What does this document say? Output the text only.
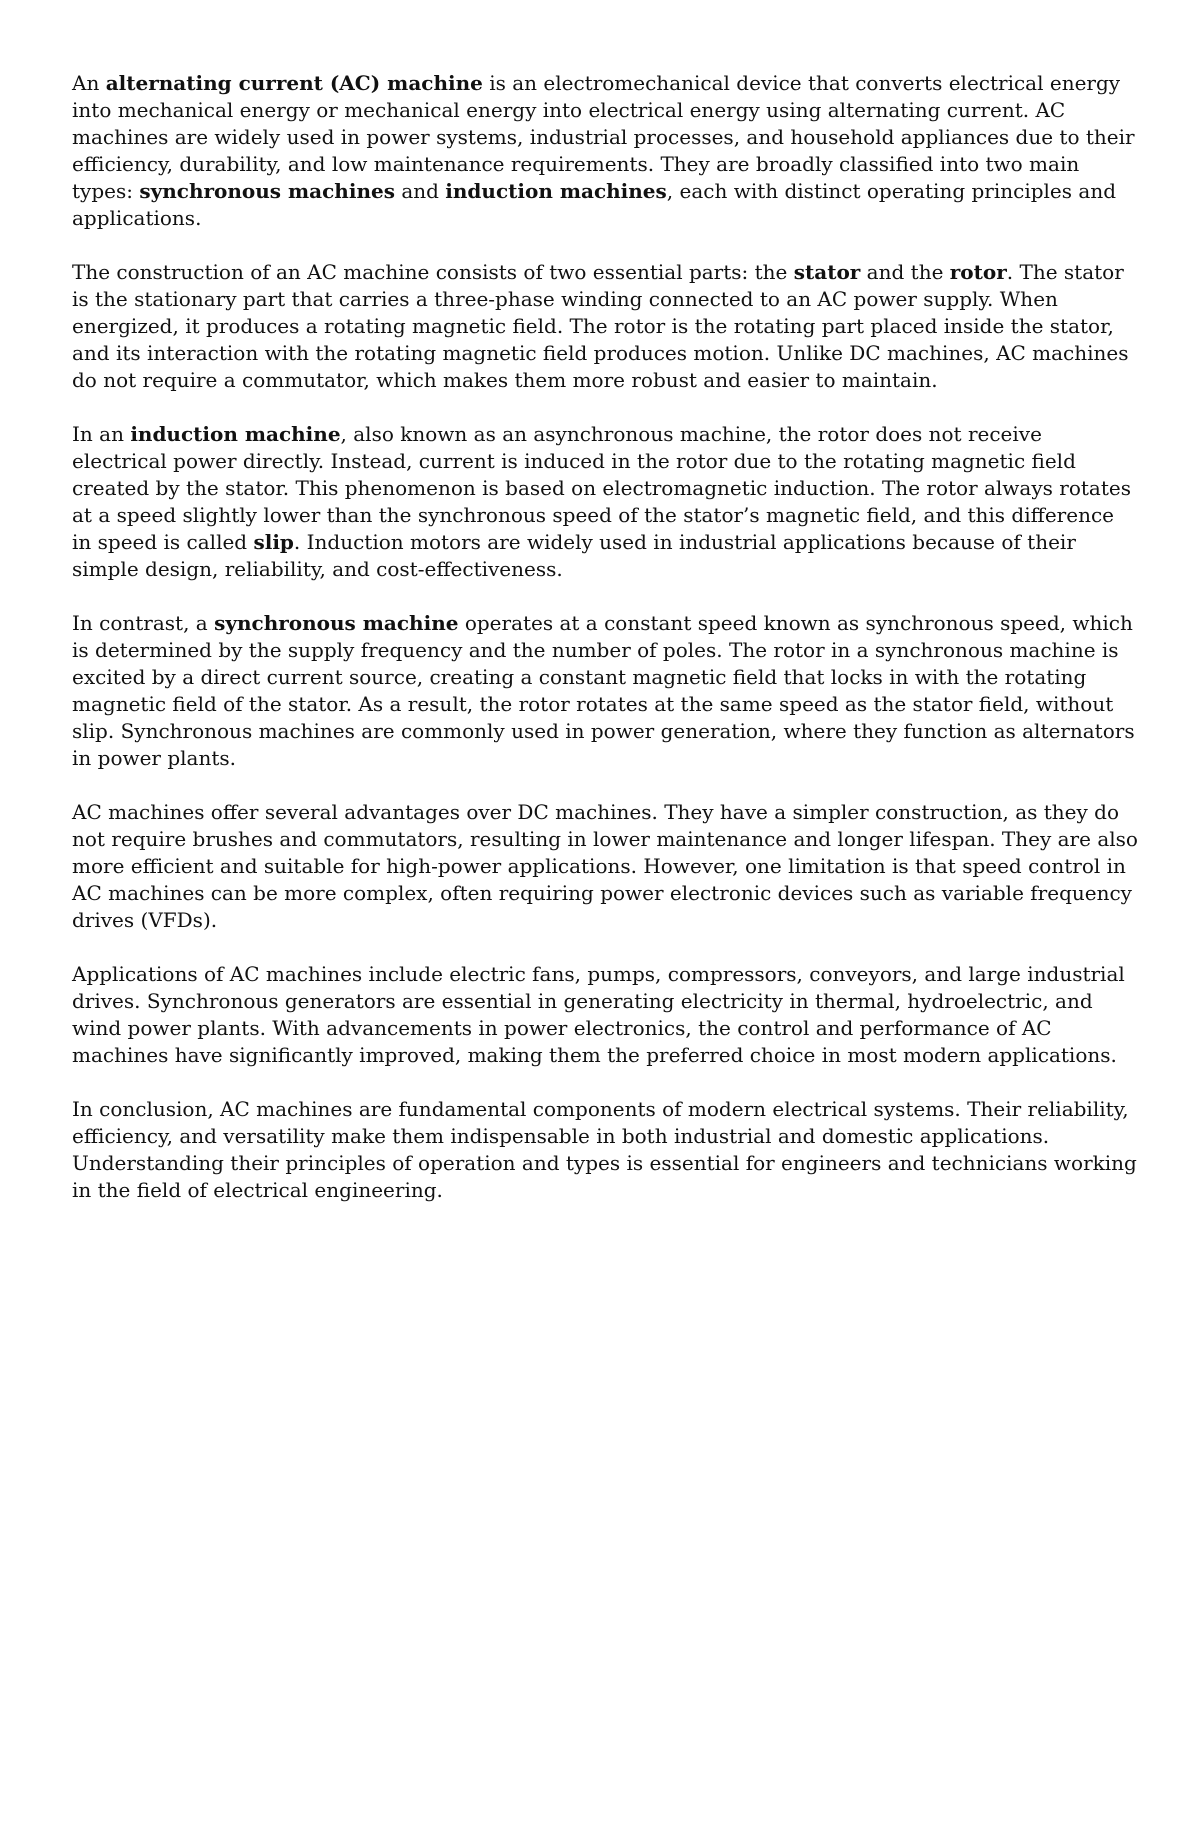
An alternating current (AC) machine is an electromechanical device that converts electrical energy into mechanical energy or mechanical energy into electrical energy using alternating current. AC machines are widely used in power systems, industrial processes, and household appliances due to their efficiency, durability, and low maintenance requirements. They are broadly classified into two main types: synchronous machines and induction machines, each with distinct operating principles and applications.

The construction of an AC machine consists of two essential parts: the stator and the rotor. The stator is the stationary part that carries a three-phase winding connected to an AC power supply. When energized, it produces a rotating magnetic field. The rotor is the rotating part placed inside the stator, and its interaction with the rotating magnetic field produces motion. Unlike DC machines, AC machines do not require a commutator, which makes them more robust and easier to maintain.

In an induction machine, also known as an asynchronous machine, the rotor does not receive electrical power directly. Instead, current is induced in the rotor due to the rotating magnetic field created by the stator. This phenomenon is based on electromagnetic induction. The rotor always rotates at a speed slightly lower than the synchronous speed of the stator’s magnetic field, and this difference in speed is called slip. Induction motors are widely used in industrial applications because of their simple design, reliability, and cost-effectiveness.

In contrast, a synchronous machine operates at a constant speed known as synchronous speed, which is determined by the supply frequency and the number of poles. The rotor in a synchronous machine is excited by a direct current source, creating a constant magnetic field that locks in with the rotating magnetic field of the stator. As a result, the rotor rotates at the same speed as the stator field, without slip. Synchronous machines are commonly used in power generation, where they function as alternators in power plants.

AC machines offer several advantages over DC machines. They have a simpler construction, as they do not require brushes and commutators, resulting in lower maintenance and longer lifespan. They are also more efficient and suitable for high-power applications. However, one limitation is that speed control in AC machines can be more complex, often requiring power electronic devices such as variable frequency drives (VFDs).

Applications of AC machines include electric fans, pumps, compressors, conveyors, and large industrial drives. Synchronous generators are essential in generating electricity in thermal, hydroelectric, and wind power plants. With advancements in power electronics, the control and performance of AC machines have significantly improved, making them the preferred choice in most modern applications.

In conclusion, AC machines are fundamental components of modern electrical systems. Their reliability, efficiency, and versatility make them indispensable in both industrial and domestic applications. Understanding their principles of operation and types is essential for engineers and technicians working in the field of electrical engineering.
